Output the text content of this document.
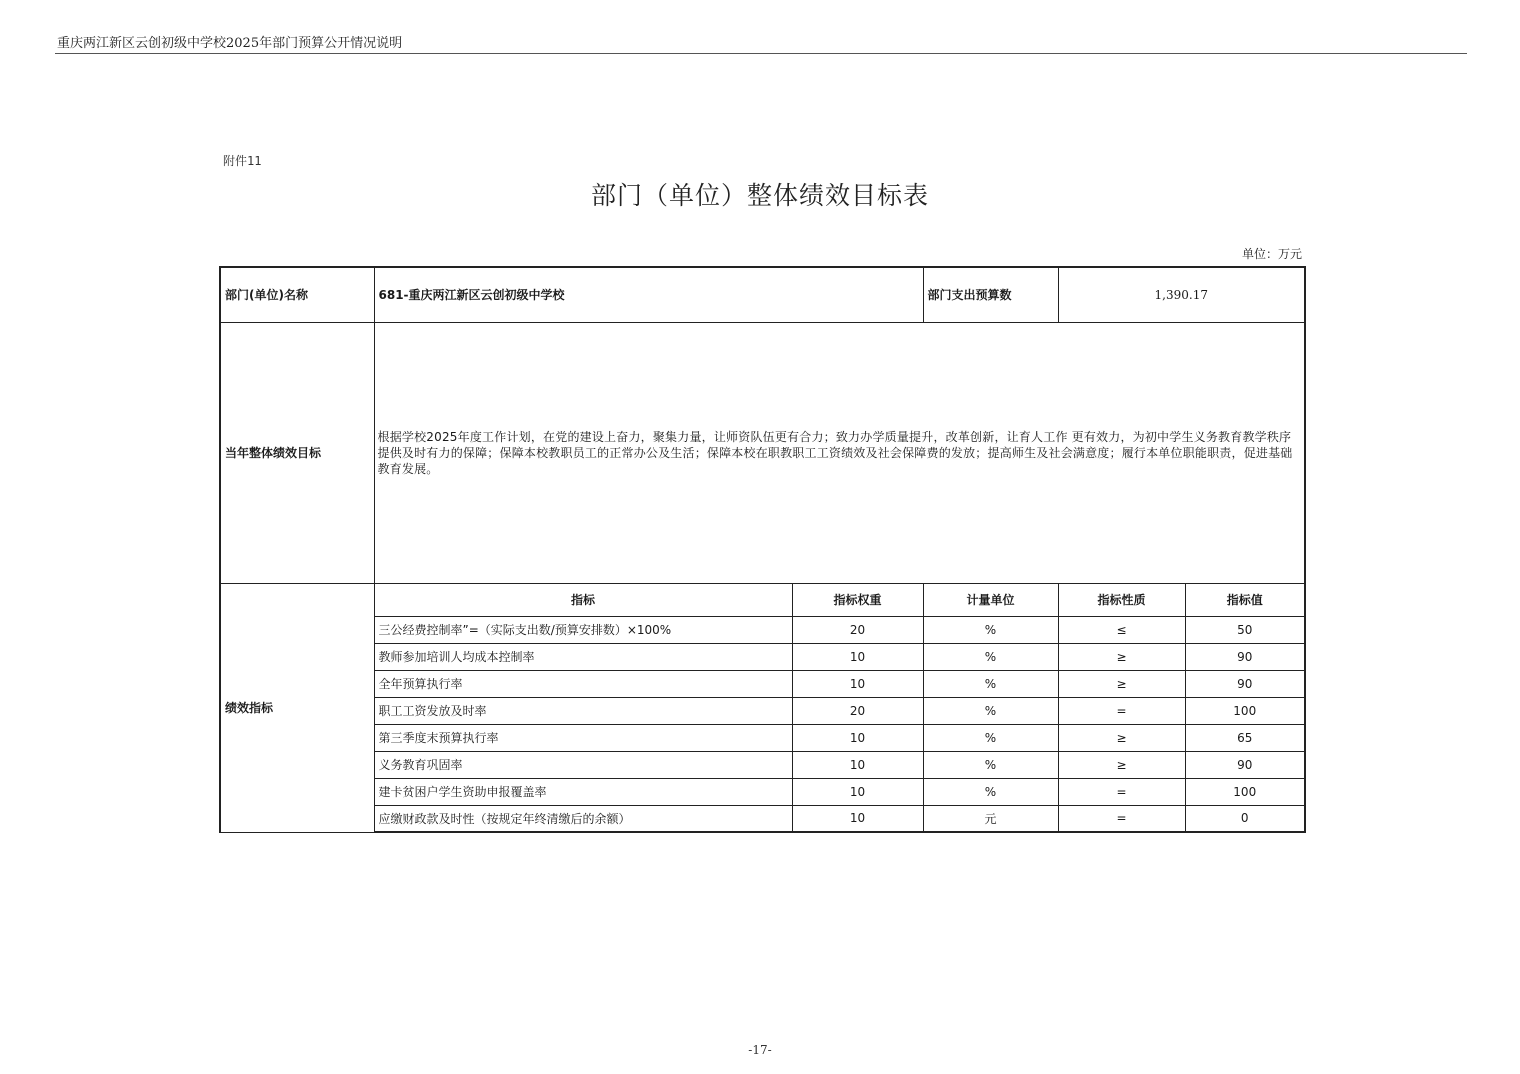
重庆两江新区云创初级中学校2025年部门预算公开情况说明
附件11
部门（单位）整体绩效目标表
单位：万元
部门(单位)名称	681-重庆两江新区云创初级中学校		部门支出预算数	1,390.17	
当年整体绩效目标	根据学校2025年度工作计划，在党的建设上奋力，聚集力量，让师资队伍更有合力；致力办学质量提升，改革创新，让育人工作 更有效力，为初中学生义务教育教学秩序提供及时有力的保障；保障本校教职员工的正常办公及生活；保障本校在职教职工工资绩效及社会保障费的发放；提高师生及社会满意度；履行本单位职能职责，促进基础教育发展。				
绩效指标	指标	指标权重	计量单位	指标性质	指标值
	三公经费控制率”=（实际支出数/预算安排数）×100%	20	%	≤	50
	教师参加培训人均成本控制率	10	%	≥	90
	全年预算执行率	10	%	≥	90
	职工工资发放及时率	20	%	=	100
	第三季度末预算执行率	10	%	≥	65
	义务教育巩固率	10	%	≥	90
	建卡贫困户学生资助申报覆盖率	10	%	=	100
	应缴财政款及时性（按规定年终清缴后的余额）	10	元	=	0
-17-
